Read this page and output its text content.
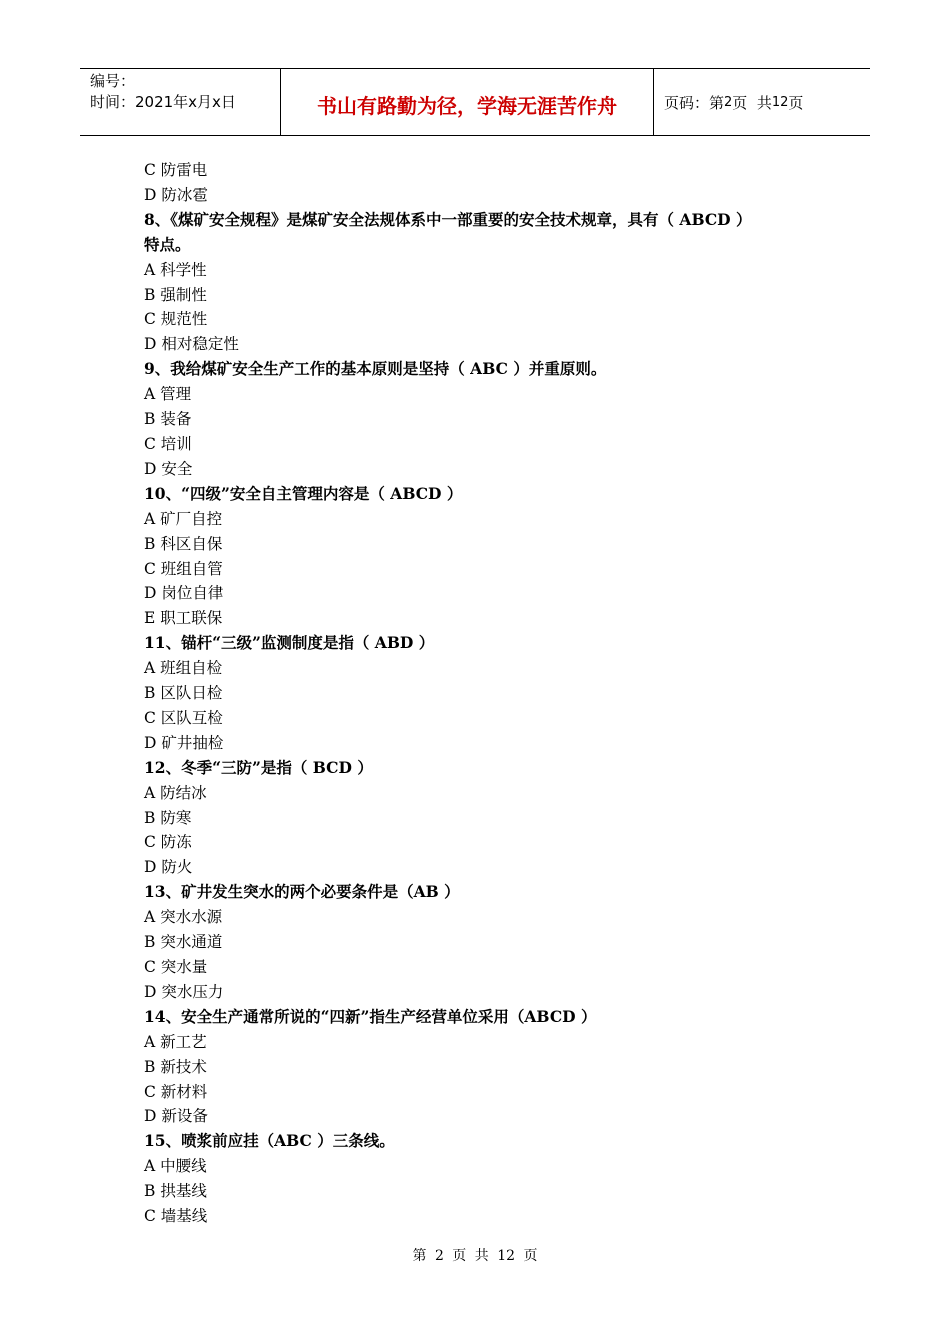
编号：
时间：2021年x月x日	书山有路勤为径，学海无涯苦作舟	页码：第 2 页  共 12 页
C 防雷电
D 防冰雹
8、《煤矿安全规程》是煤矿安全法规体系中一部重要的安全技术规章，具有（ ABCD ）
特点。
A 科学性
B 强制性
C 规范性
D 相对稳定性
9、我给煤矿安全生产工作的基本原则是坚持（ ABC ）并重原则。
A 管理
B 装备
C 培训
D 安全
10、“四级”安全自主管理内容是（ ABCD ）
A 矿厂自控
B 科区自保
C 班组自管
D 岗位自律
E 职工联保
11、锚杆“三级”监测制度是指（ ABD ）
A 班组自检
B 区队日检
C 区队互检
D 矿井抽检
12、冬季“三防”是指（ BCD ）
A 防结冰
B 防寒
C 防冻
D 防火
13、矿井发生突水的两个必要条件是（AB ）
A 突水水源
B 突水通道
C 突水量
D 突水压力
14、安全生产通常所说的“四新”指生产经营单位采用（ABCD ）
A 新工艺
B 新技术
C 新材料
D 新设备
15、喷浆前应挂（ABC ）三条线。
A 中腰线
B 拱基线
C 墙基线
第 2 页 共 12 页
